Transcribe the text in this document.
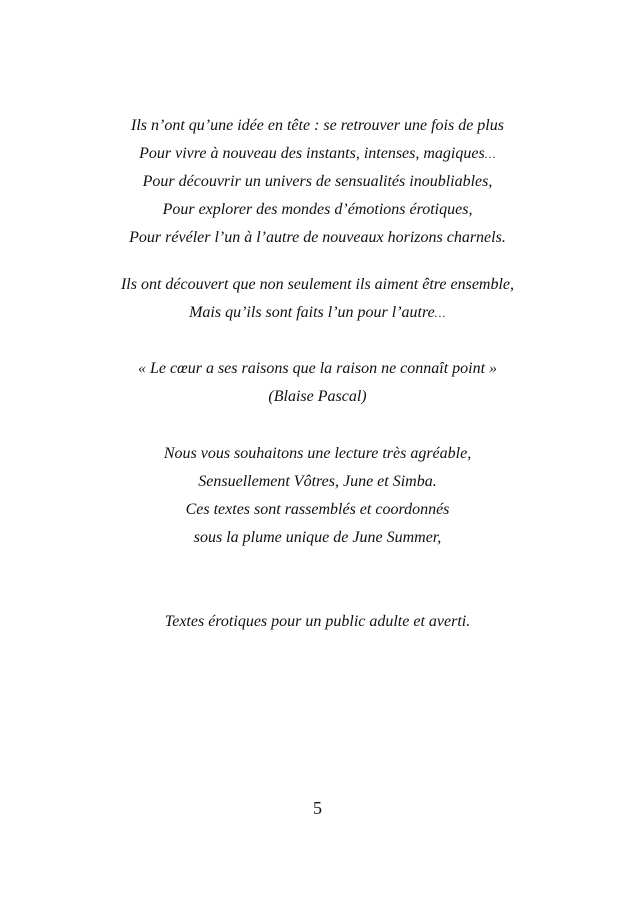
Ils n’ont qu’une idée en tête : se retrouver une fois de plus
Pour vivre à nouveau des instants, intenses, magiques…
Pour découvrir un univers de sensualités inoubliables,
Pour explorer des mondes d’émotions érotiques,
Pour révéler l’un à l’autre de nouveaux horizons charnels.
Ils ont découvert que non seulement ils aiment être ensemble,
Mais qu’ils sont faits l’un pour l’autre…
« Le cœur a ses raisons que la raison ne connaît point »
(Blaise Pascal)
Nous vous souhaitons une lecture très agréable,
Sensuellement Vôtres, June et Simba.
Ces textes sont rassemblés et coordonnés
sous la plume unique de June Summer,
Textes érotiques pour un public adulte et averti.
5
